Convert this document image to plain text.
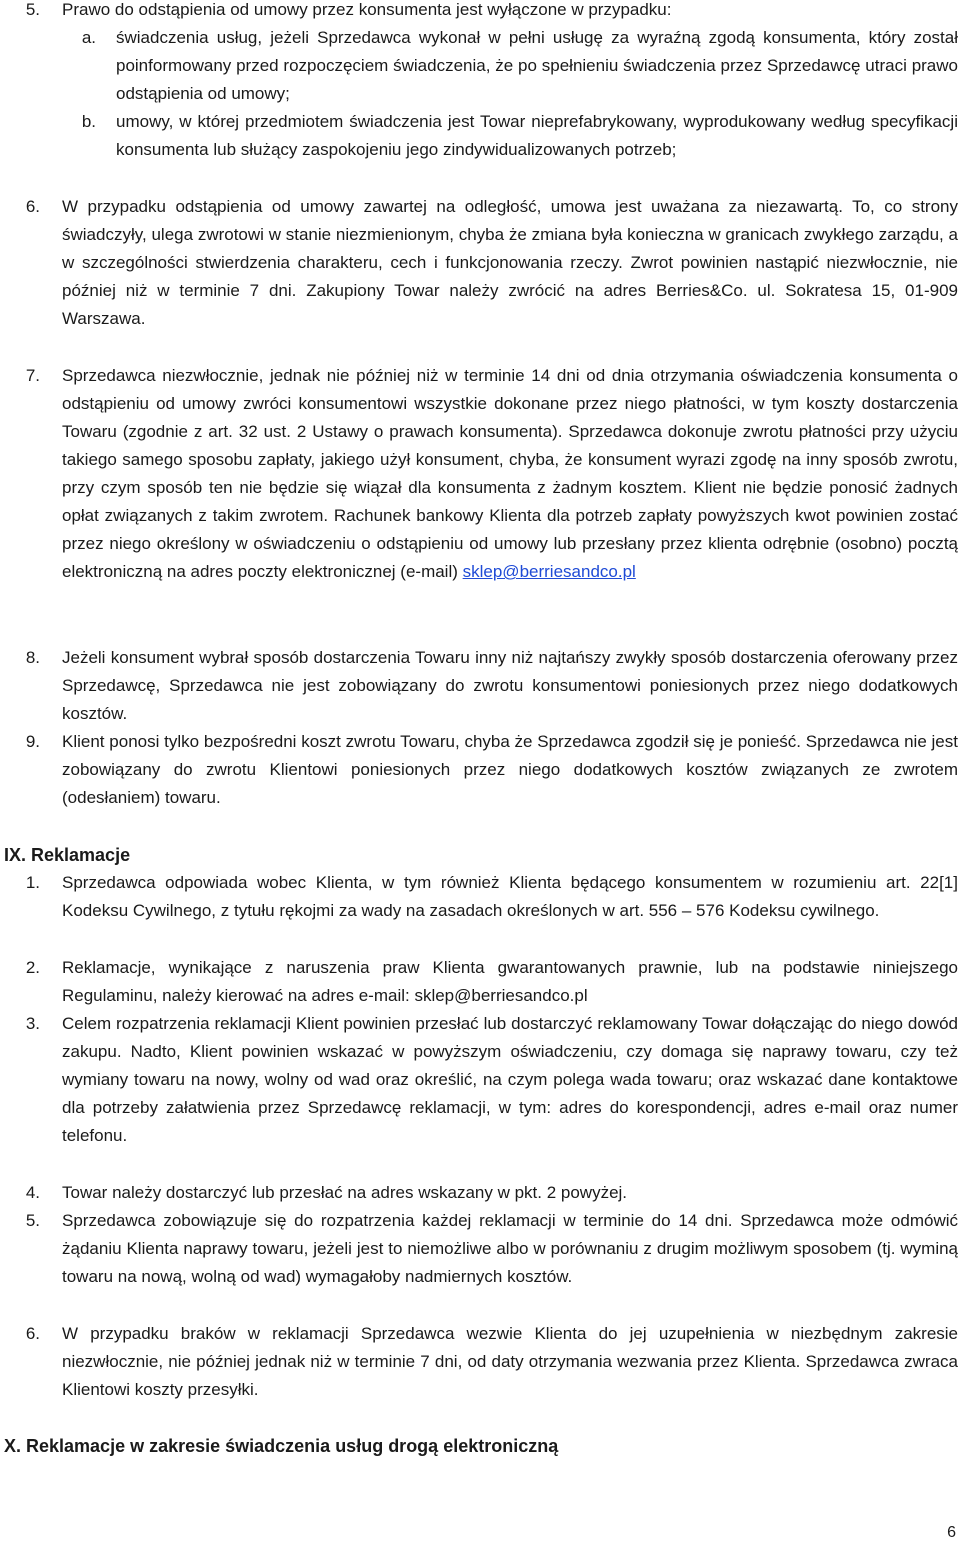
5. Prawo do odstąpienia od umowy przez konsumenta jest wyłączone w przypadku:
a. świadczenia usług, jeżeli Sprzedawca wykonał w pełni usługę za wyraźną zgodą konsumenta, który został poinformowany przed rozpoczęciem świadczenia, że po spełnieniu świadczenia przez Sprzedawcę utraci prawo odstąpienia od umowy;
b. umowy, w której przedmiotem świadczenia jest Towar nieprefabrykowany, wyprodukowany według specyfikacji konsumenta lub służący zaspokojeniu jego zindywidualizowanych potrzeb;
6. W przypadku odstąpienia od umowy zawartej na odległość, umowa jest uważana za niezawartą. To, co strony świadczyły, ulega zwrotowi w stanie niezmienionym, chyba że zmiana była konieczna w granicach zwykłego zarządu, a w szczególności stwierdzenia charakteru, cech i funkcjonowania rzeczy. Zwrot powinien nastąpić niezwłocznie, nie później niż w terminie 7 dni. Zakupiony Towar należy zwrócić na adres Berries&Co. ul. Sokratesa 15, 01-909 Warszawa.
7. Sprzedawca niezwłocznie, jednak nie później niż w terminie 14 dni od dnia otrzymania oświadczenia konsumenta o odstąpieniu od umowy zwróci konsumentowi wszystkie dokonane przez niego płatności, w tym koszty dostarczenia Towaru (zgodnie z art. 32 ust. 2 Ustawy o prawach konsumenta). Sprzedawca dokonuje zwrotu płatności przy użyciu takiego samego sposobu zapłaty, jakiego użył konsument, chyba, że konsument wyrazi zgodę na inny sposób zwrotu, przy czym sposób ten nie będzie się wiązał dla konsumenta z żadnym kosztem. Klient nie będzie ponosić żadnych opłat związanych z takim zwrotem. Rachunek bankowy Klienta dla potrzeb zapłaty powyższych kwot powinien zostać przez niego określony w oświadczeniu o odstąpieniu od umowy lub przesłany przez klienta odrębnie (osobno) pocztą elektroniczną na adres poczty elektronicznej (e-mail) sklep@berriesandco.pl
8. Jeżeli konsument wybrał sposób dostarczenia Towaru inny niż najtańszy zwykły sposób dostarczenia oferowany przez Sprzedawcę, Sprzedawca nie jest zobowiązany do zwrotu konsumentowi poniesionych przez niego dodatkowych kosztów.
9. Klient ponosi tylko bezpośredni koszt zwrotu Towaru, chyba że Sprzedawca zgodził się je ponieść. Sprzedawca nie jest zobowiązany do zwrotu Klientowi poniesionych przez niego dodatkowych kosztów związanych ze zwrotem (odesłaniem) towaru.
IX. Reklamacje
1. Sprzedawca odpowiada wobec Klienta, w tym również Klienta będącego konsumentem w rozumieniu art. 22[1] Kodeksu Cywilnego, z tytułu rękojmi za wady na zasadach określonych w art. 556 – 576 Kodeksu cywilnego.
2. Reklamacje, wynikające z naruszenia praw Klienta gwarantowanych prawnie, lub na podstawie niniejszego Regulaminu, należy kierować na adres e-mail: sklep@berriesandco.pl
3. Celem rozpatrzenia reklamacji Klient powinien przesłać lub dostarczyć reklamowany Towar dołączając do niego dowód zakupu. Nadto, Klient powinien wskazać w powyższym oświadczeniu, czy domaga się naprawy towaru, czy też wymiany towaru na nowy, wolny od wad oraz określić, na czym polega wada towaru; oraz wskazać dane kontaktowe dla potrzeby załatwienia przez Sprzedawcę reklamacji, w tym: adres do korespondencji, adres e-mail oraz numer telefonu.
4. Towar należy dostarczyć lub przesłać na adres wskazany w pkt. 2 powyżej.
5. Sprzedawca zobowiązuje się do rozpatrzenia każdej reklamacji w terminie do 14 dni. Sprzedawca może odmówić żądaniu Klienta naprawy towaru, jeżeli jest to niemożliwe albo w porównaniu z drugim możliwym sposobem (tj. wyminą towaru na nową, wolną od wad) wymagałoby nadmiernych kosztów.
6. W przypadku braków w reklamacji Sprzedawca wezwie Klienta do jej uzupełnienia w niezbędnym zakresie niezwłocznie, nie później jednak niż w terminie 7 dni, od daty otrzymania wezwania przez Klienta. Sprzedawca zwraca Klientowi koszty przesyłki.
X. Reklamacje w zakresie świadczenia usług drogą elektroniczną
6
